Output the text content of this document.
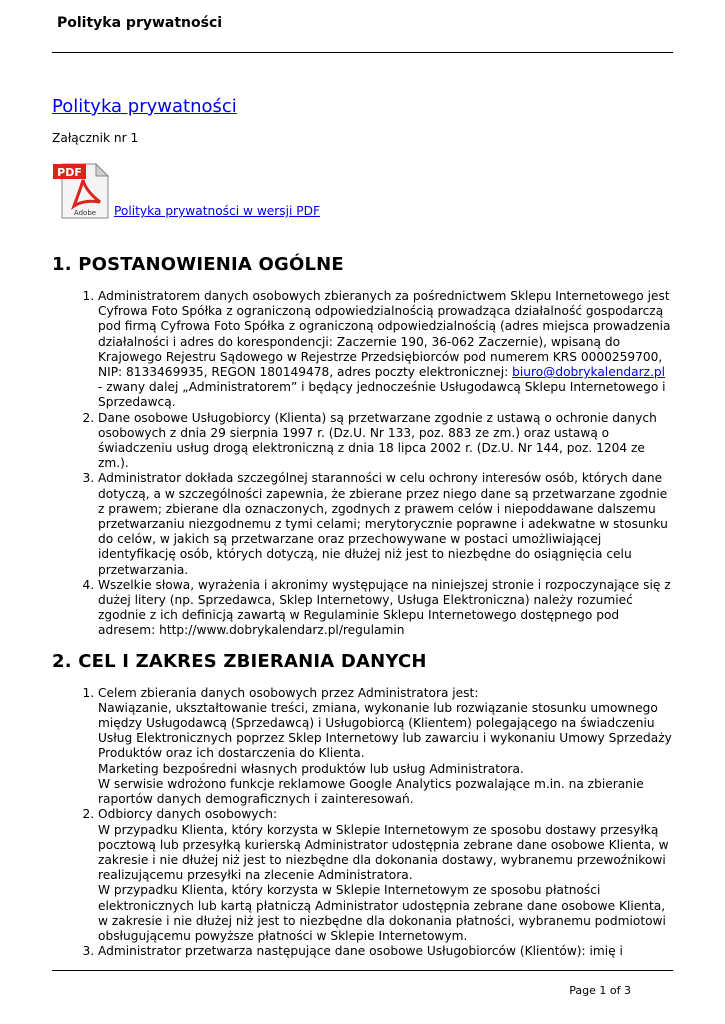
Polityka prywatności
Polityka prywatności
Załącznik nr 1
PDF
Adobe Polityka prywatności w wersji PDF
1. POSTANOWIENIA OGÓLNE
1. Administratorem danych osobowych zbieranych za pośrednictwem Sklepu Internetowego jest Cyfrowa Foto Spółka z ograniczoną odpowiedzialnością prowadząca działalność gospodarczą pod firmą Cyfrowa Foto Spółka z ograniczoną odpowiedzialnością (adres miejsca prowadzenia działalności i adres do korespondencji: Zaczernie 190, 36-062 Zaczernie), wpisaną do Krajowego Rejestru Sądowego w Rejestrze Przedsiębiorców pod numerem KRS 0000259700, NIP: 8133469935, REGON 180149478, adres poczty elektronicznej: biuro@dobrykalendarz.pl - zwany dalej „Administratorem” i będący jednocześnie Usługodawcą Sklepu Internetowego i Sprzedawcą.
2. Dane osobowe Usługobiorcy (Klienta) są przetwarzane zgodnie z ustawą o ochronie danych osobowych z dnia 29 sierpnia 1997 r. (Dz.U. Nr 133, poz. 883 ze zm.) oraz ustawą o świadczeniu usług drogą elektroniczną z dnia 18 lipca 2002 r. (Dz.U. Nr 144, poz. 1204 ze zm.).
3. Administrator dokłada szczególnej staranności w celu ochrony interesów osób, których dane dotyczą, a w szczególności zapewnia, że zbierane przez niego dane są przetwarzane zgodnie z prawem; zbierane dla oznaczonych, zgodnych z prawem celów i niepoddawane dalszemu przetwarzaniu niezgodnemu z tymi celami; merytorycznie poprawne i adekwatne w stosunku do celów, w jakich są przetwarzane oraz przechowywane w postaci umożliwiającej identyfikację osób, których dotyczą, nie dłużej niż jest to niezbędne do osiągnięcia celu przetwarzania.
4. Wszelkie słowa, wyrażenia i akronimy występujące na niniejszej stronie i rozpoczynające się z dużej litery (np. Sprzedawca, Sklep Internetowy, Usługa Elektroniczna) należy rozumieć zgodnie z ich definicją zawartą w Regulaminie Sklepu Internetowego dostępnego pod adresem: http://www.dobrykalendarz.pl/regulamin
2. CEL I ZAKRES ZBIERANIA DANYCH
1. Celem zbierania danych osobowych przez Administratora jest:
Nawiązanie, ukształtowanie treści, zmiana, wykonanie lub rozwiązanie stosunku umownego między Usługodawcą (Sprzedawcą) i Usługobiorcą (Klientem) polegającego na świadczeniu Usług Elektronicznych poprzez Sklep Internetowy lub zawarciu i wykonaniu Umowy Sprzedaży Produktów oraz ich dostarczenia do Klienta.
Marketing bezpośredni własnych produktów lub usług Administratora.
W serwisie wdrożono funkcje reklamowe Google Analytics pozwalające m.in. na zbieranie raportów danych demograficznych i zainteresowań.
2. Odbiorcy danych osobowych:
W przypadku Klienta, który korzysta w Sklepie Internetowym ze sposobu dostawy przesyłką pocztową lub przesyłką kurierską Administrator udostępnia zebrane dane osobowe Klienta, w zakresie i nie dłużej niż jest to niezbędne dla dokonania dostawy, wybranemu przewoźnikowi realizującemu przesyłki na zlecenie Administratora.
W przypadku Klienta, który korzysta w Sklepie Internetowym ze sposobu płatności elektronicznych lub kartą płatniczą Administrator udostępnia zebrane dane osobowe Klienta, w zakresie i nie dłużej niż jest to niezbędne dla dokonania płatności, wybranemu podmiotowi obsługującemu powyższe płatności w Sklepie Internetowym.
3. Administrator przetwarza następujące dane osobowe Usługobiorców (Klientów): imię i
Page 1 of 3
